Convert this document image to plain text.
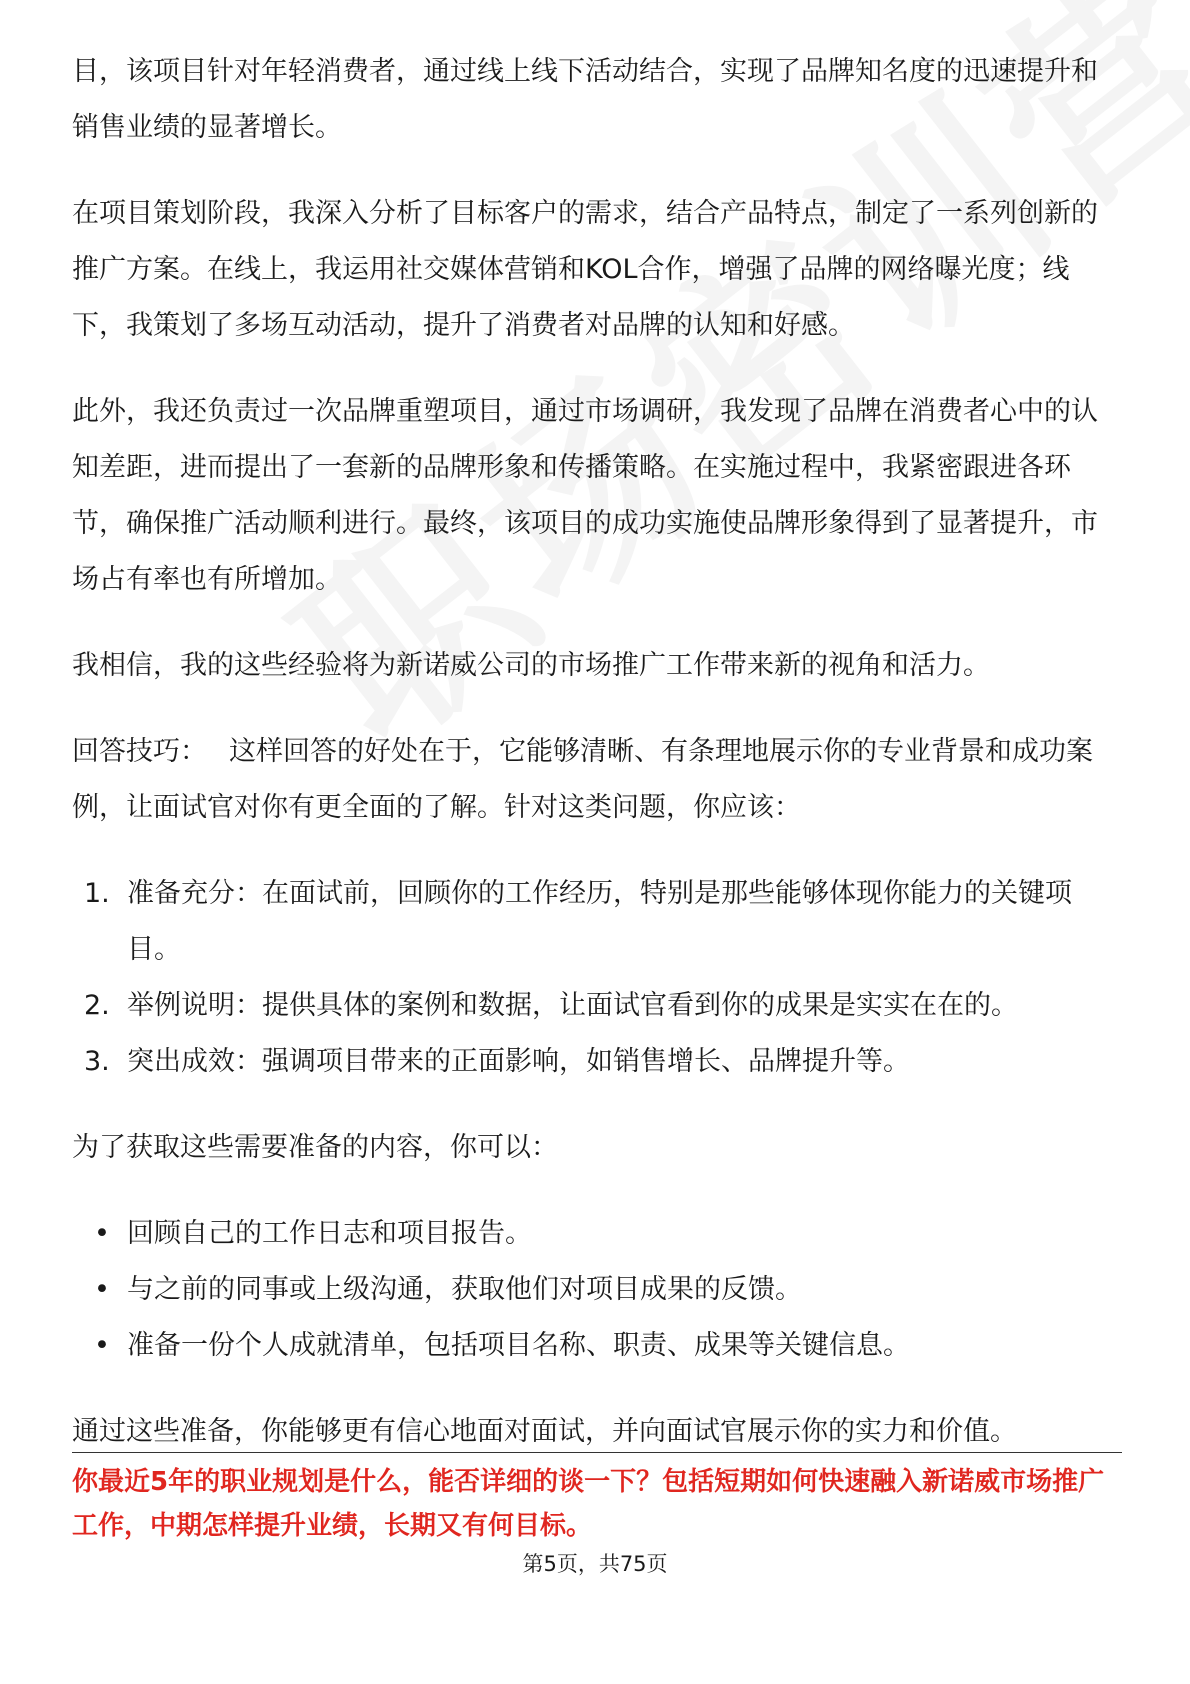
目，该项目针对年轻消费者，通过线上线下活动结合，实现了品牌知名度的迅速提升和销售业绩的显著增长。

在项目策划阶段，我深入分析了目标客户的需求，结合产品特点，制定了一系列创新的推广方案。在线上，我运用社交媒体营销和KOL合作，增强了品牌的网络曝光度；线下，我策划了多场互动活动，提升了消费者对品牌的认知和好感。

此外，我还负责过一次品牌重塑项目，通过市场调研，我发现了品牌在消费者心中的认知差距，进而提出了一套新的品牌形象和传播策略。在实施过程中，我紧密跟进各环节，确保推广活动顺利进行。最终，该项目的成功实施使品牌形象得到了显著提升，市场占有率也有所增加。

我相信，我的这些经验将为新诺威公司的市场推广工作带来新的视角和活力。

回答技巧： 这样回答的好处在于，它能够清晰、有条理地展示你的专业背景和成功案例，让面试官对你有更全面的了解。针对这类问题，你应该：

1. 准备充分：在面试前，回顾你的工作经历，特别是那些能够体现你能力的关键项目。
2. 举例说明：提供具体的案例和数据，让面试官看到你的成果是实实在在的。
3. 突出成效：强调项目带来的正面影响，如销售增长、品牌提升等。

为了获取这些需要准备的内容，你可以：

• 回顾自己的工作日志和项目报告。
• 与之前的同事或上级沟通，获取他们对项目成果的反馈。
• 准备一份个人成就清单，包括项目名称、职责、成果等关键信息。

通过这些准备，你能够更有信心地面对面试，并向面试官展示你的实力和价值。

你最近5年的职业规划是什么，能否详细的谈一下？包括短期如何快速融入新诺威市场推广工作，中期怎样提升业绩，长期又有何目标。
第5页，共75页
